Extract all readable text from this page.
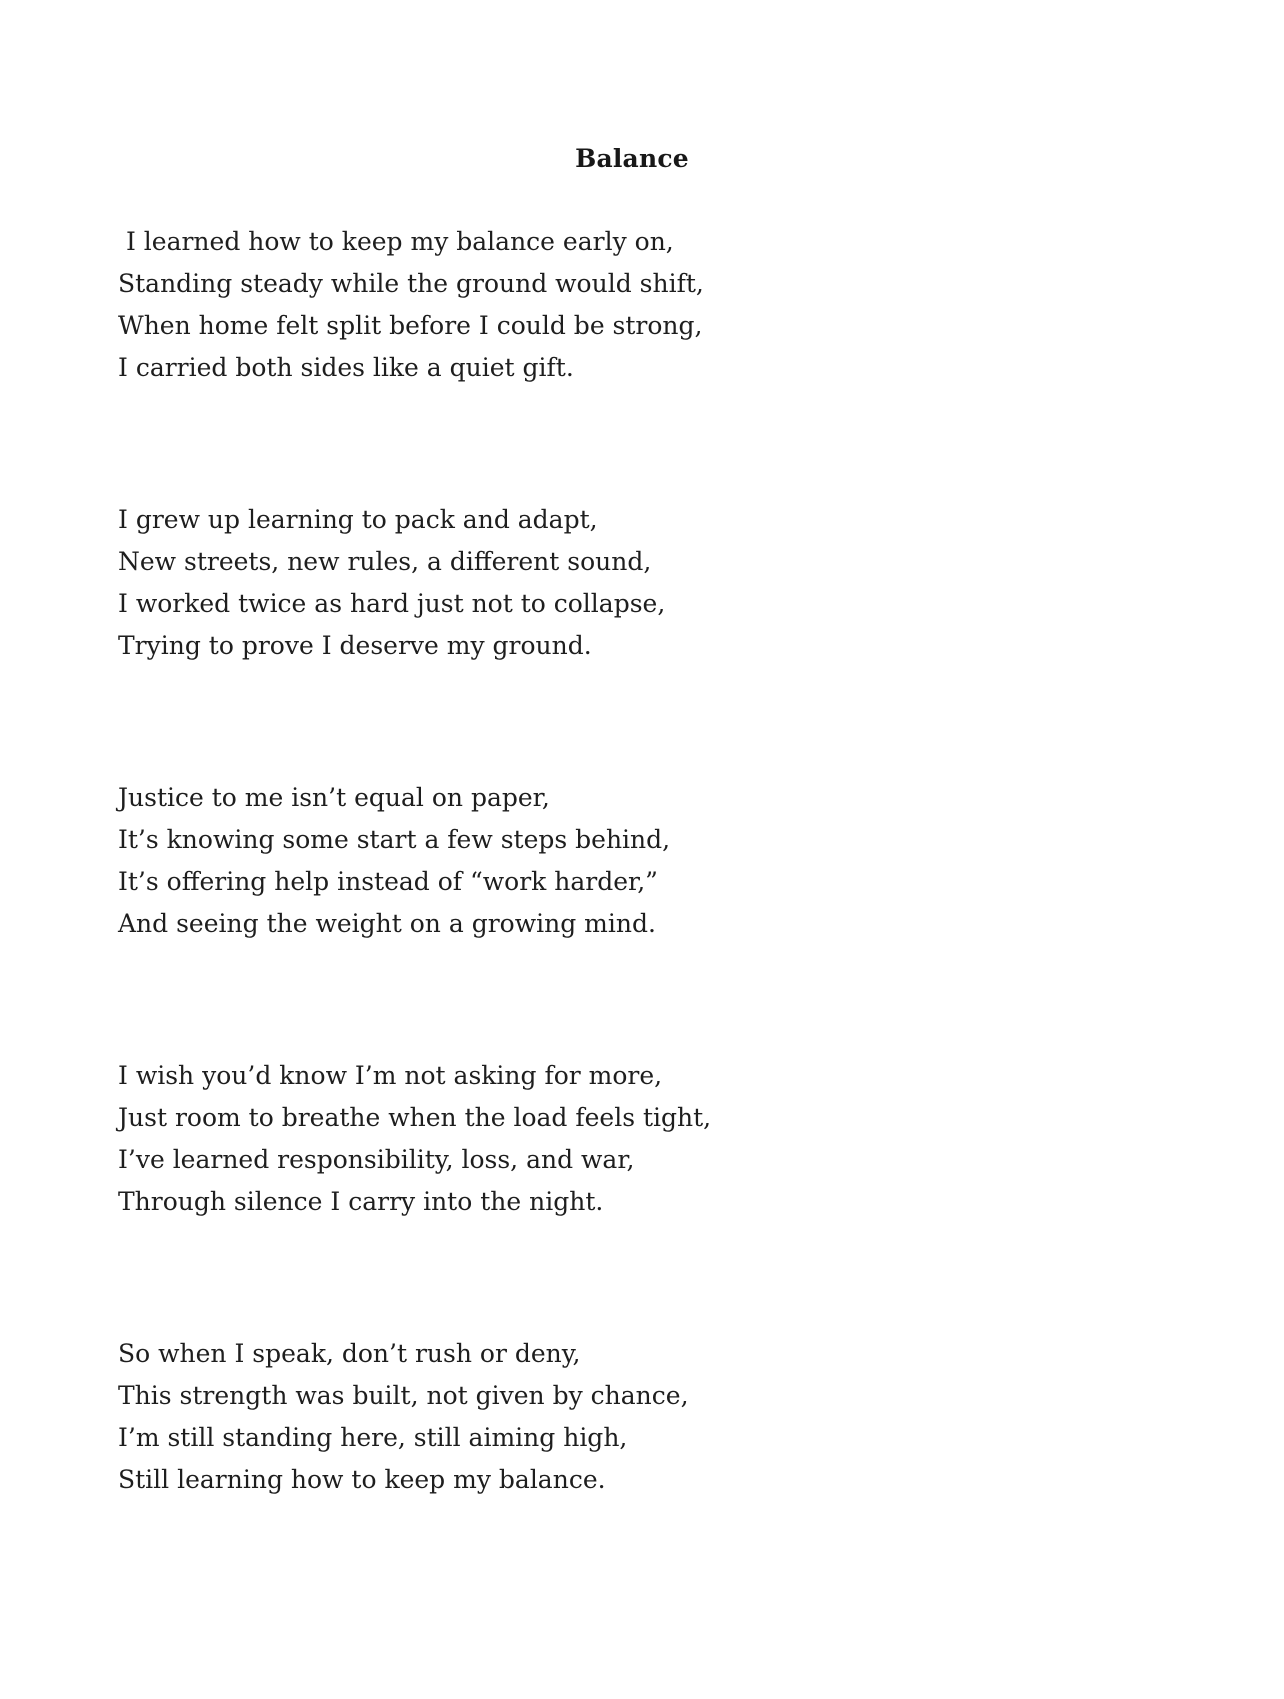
Balance

I learned how to keep my balance early on,

Standing steady while the ground would shift,

When home felt split before I could be strong,

I carried both sides like a quiet gift.

I grew up learning to pack and adapt,

New streets, new rules, a different sound,

I worked twice as hard just not to collapse,

Trying to prove I deserve my ground.

Justice to me isn’t equal on paper,

It’s knowing some start a few steps behind,

It’s offering help instead of “work harder,”

And seeing the weight on a growing mind.

I wish you’d know I’m not asking for more,

Just room to breathe when the load feels tight,

I’ve learned responsibility, loss, and war,

Through silence I carry into the night.

So when I speak, don’t rush or deny,

This strength was built, not given by chance,

I’m still standing here, still aiming high,

Still learning how to keep my balance.
